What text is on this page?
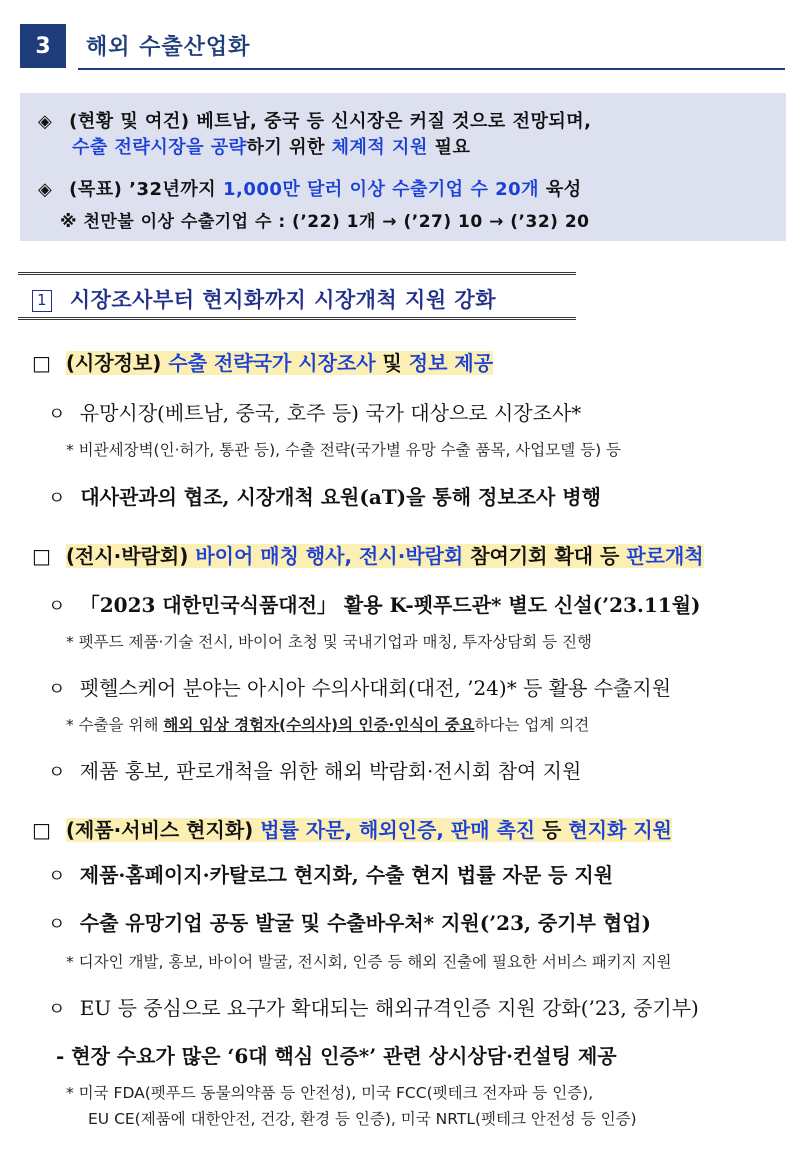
3	해외 수출산업화
◈ (현황 및 여건) 베트남, 중국 등 신시장은 커질 것으로 전망되며,
수출 전략시장을 공략하기 위한 체계적 지원 필요
◈ (목표) ’32년까지 1,000만 달러 이상 수출기업 수 20개 육성
※ 천만불 이상 수출기업 수 : (’22) 1개 → (’27) 10 → (’32) 20
1 시장조사부터 현지화까지 시장개척 지원 강화
□ (시장정보) 수출 전략국가 시장조사 및 정보 제공
ㅇ 유망시장(베트남, 중국, 호주 등) 국가 대상으로 시장조사*
* 비관세장벽(인·허가, 통관 등), 수출 전략(국가별 유망 수출 품목, 사업모델 등) 등
ㅇ 대사관과의 협조, 시장개척 요원(aT)을 통해 정보조사 병행
□ (전시·박람회) 바이어 매칭 행사, 전시·박람회 참여기회 확대 등 판로개척
ㅇ 「2023 대한민국식품대전」 활용 K-펫푸드관* 별도 신설(’23.11월)
* 펫푸드 제품·기술 전시, 바이어 초청 및 국내기업과 매칭, 투자상담회 등 진행
ㅇ 펫헬스케어 분야는 아시아 수의사대회(대전, ’24)* 등 활용 수출지원
* 수출을 위해 해외 임상 경험자(수의사)의 인증·인식이 중요하다는 업계 의견
ㅇ 제품 홍보, 판로개척을 위한 해외 박람회·전시회 참여 지원
□ (제품·서비스 현지화) 법률 자문, 해외인증, 판매 촉진 등 현지화 지원
ㅇ 제품·홈페이지·카탈로그 현지화, 수출 현지 법률 자문 등 지원
ㅇ 수출 유망기업 공동 발굴 및 수출바우처* 지원(’23, 중기부 협업)
* 디자인 개발, 홍보, 바이어 발굴, 전시회, 인증 등 해외 진출에 필요한 서비스 패키지 지원
ㅇ EU 등 중심으로 요구가 확대되는 해외규격인증 지원 강화(’23, 중기부)
- 현장 수요가 많은 ‘6대 핵심 인증*’ 관련 상시상담·컨설팅 제공
* 미국 FDA(펫푸드 동물의약품 등 안전성), 미국 FCC(펫테크 전자파 등 인증),
EU CE(제품에 대한안전, 건강, 환경 등 인증), 미국 NRTL(펫테크 안전성 등 인증)
